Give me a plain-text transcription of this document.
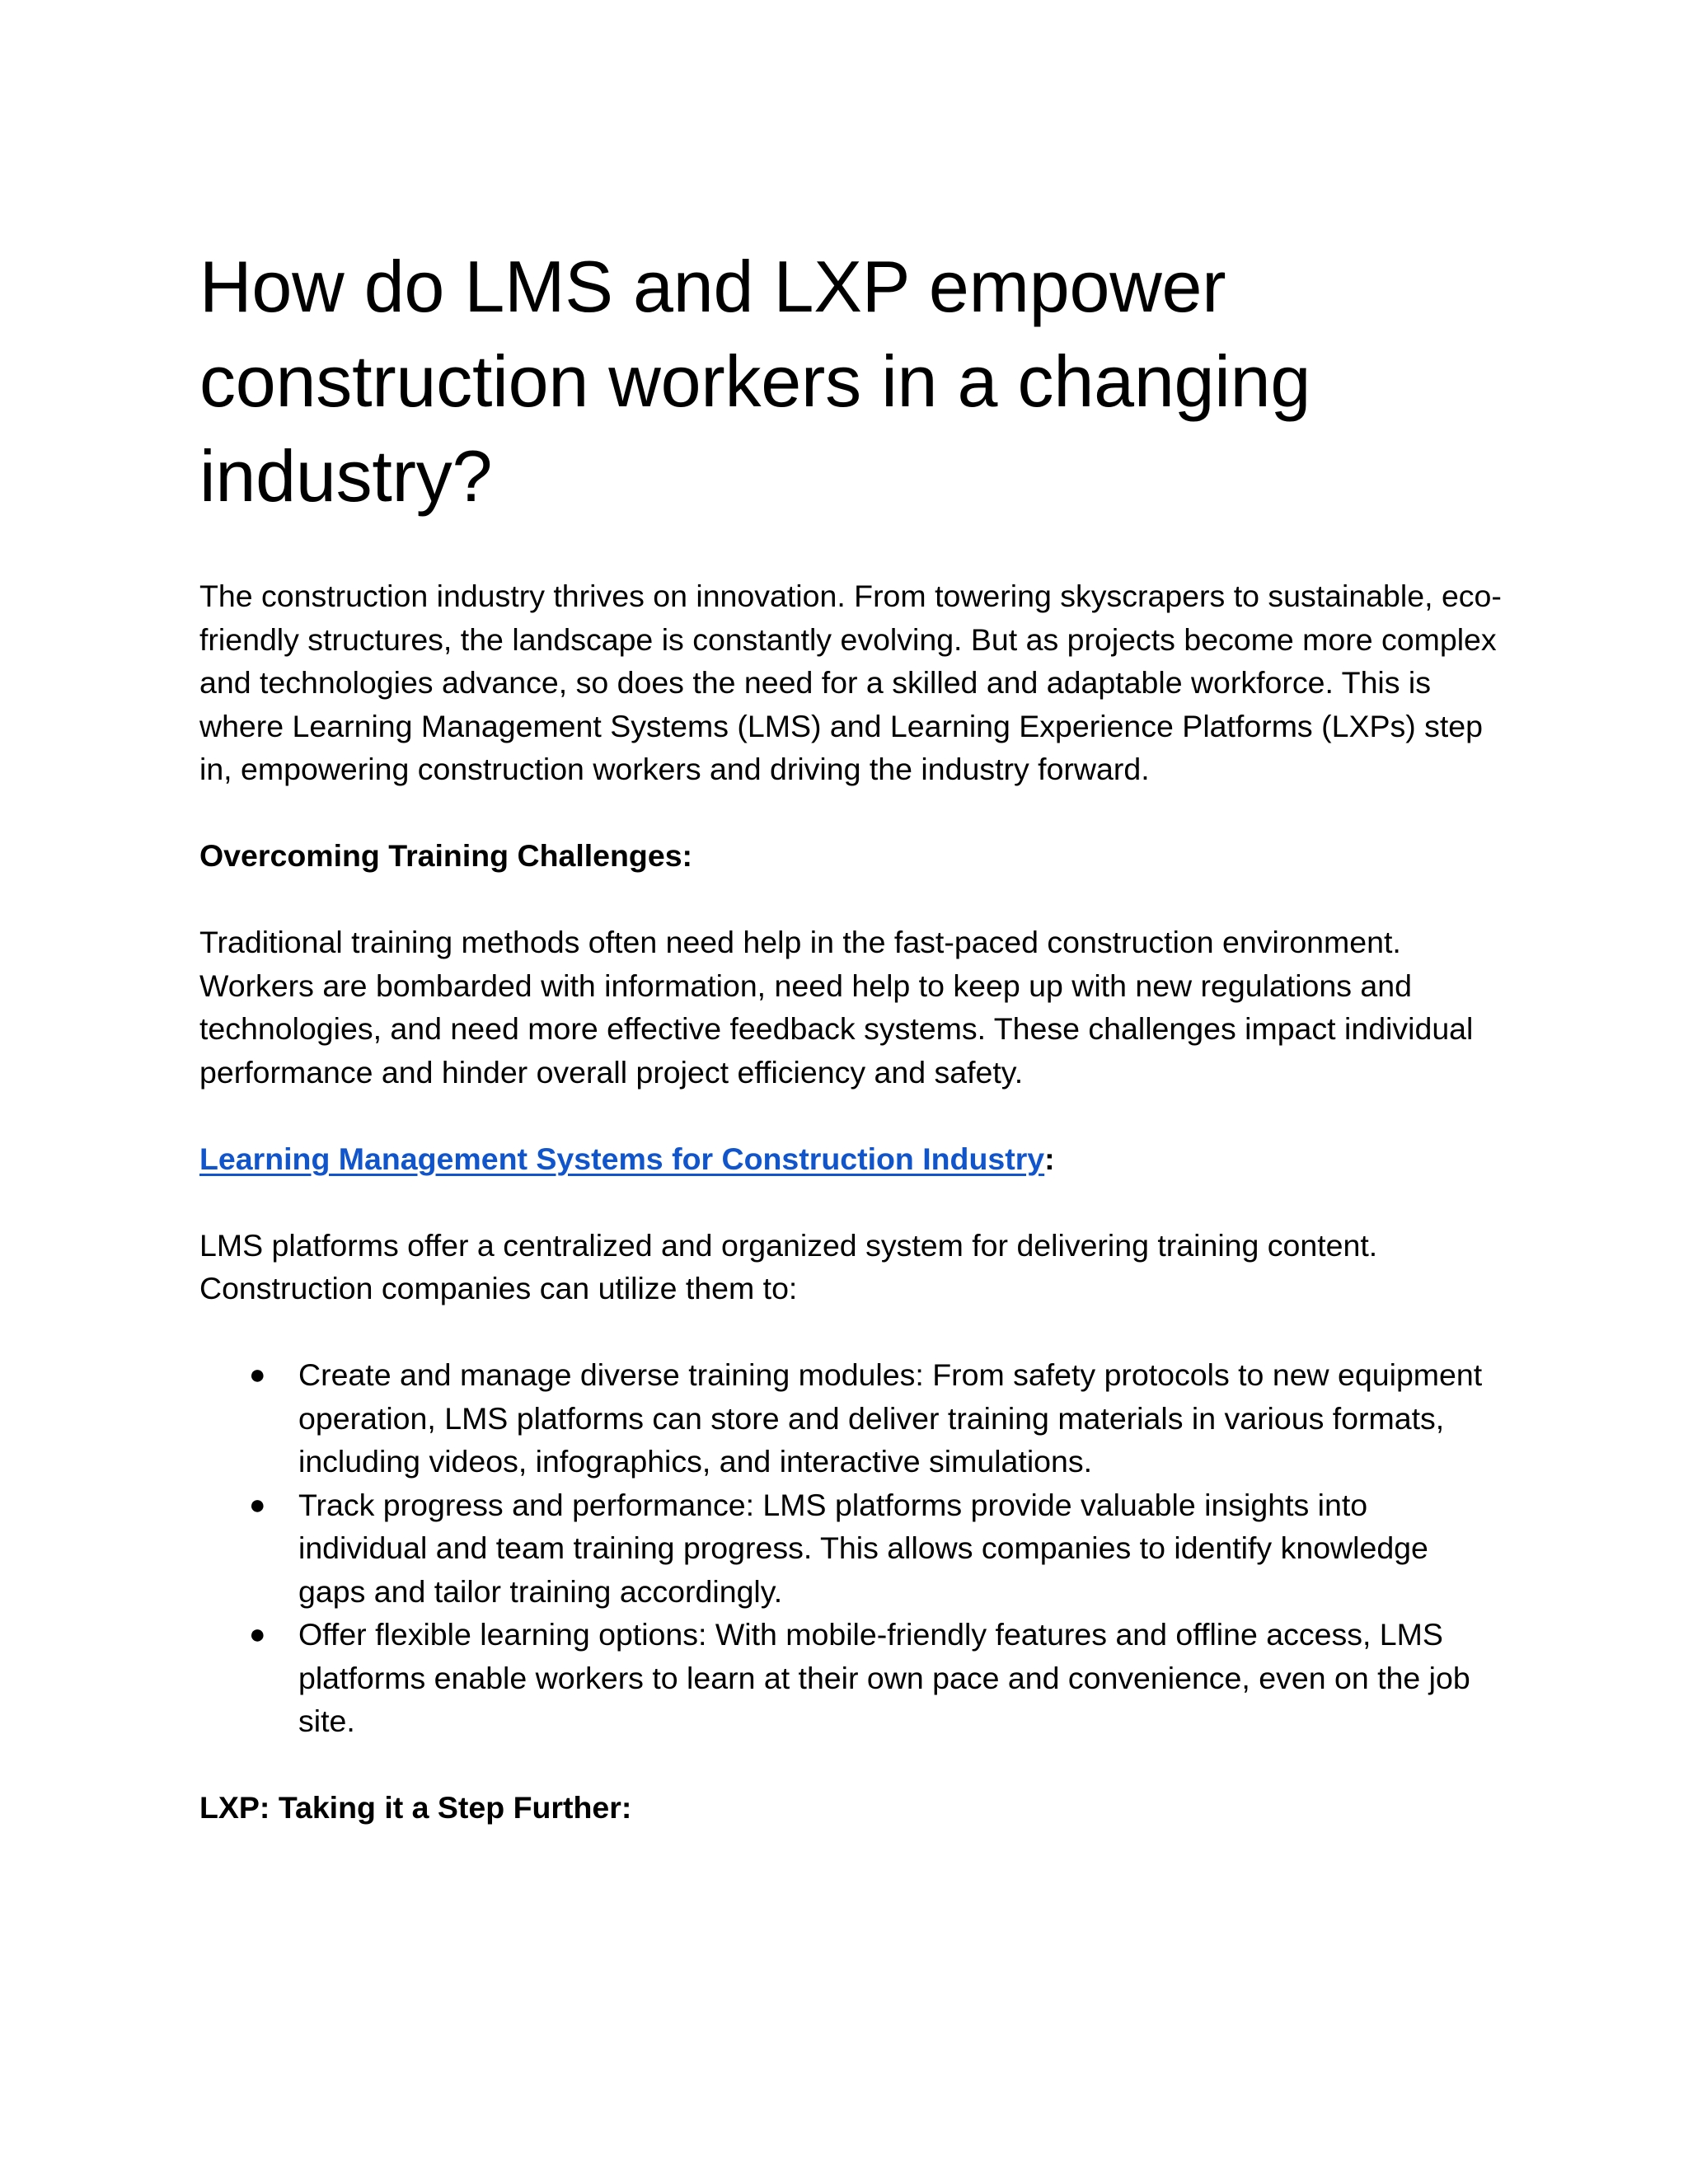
How do LMS and LXP empower construction workers in a changing industry?

The construction industry thrives on innovation. From towering skyscrapers to sustainable, eco-friendly structures, the landscape is constantly evolving. But as projects become more complex and technologies advance, so does the need for a skilled and adaptable workforce. This is where Learning Management Systems (LMS) and Learning Experience Platforms (LXPs) step in, empowering construction workers and driving the industry forward.

Overcoming Training Challenges:

Traditional training methods often need help in the fast-paced construction environment. Workers are bombarded with information, need help to keep up with new regulations and technologies, and need more effective feedback systems. These challenges impact individual performance and hinder overall project efficiency and safety.

Learning Management Systems for Construction Industry:

LMS platforms offer a centralized and organized system for delivering training content. Construction companies can utilize them to:

● Create and manage diverse training modules: From safety protocols to new equipment operation, LMS platforms can store and deliver training materials in various formats, including videos, infographics, and interactive simulations.
● Track progress and performance: LMS platforms provide valuable insights into individual and team training progress. This allows companies to identify knowledge gaps and tailor training accordingly.
● Offer flexible learning options: With mobile-friendly features and offline access, LMS platforms enable workers to learn at their own pace and convenience, even on the job site.
LXP: Taking it a Step Further:
